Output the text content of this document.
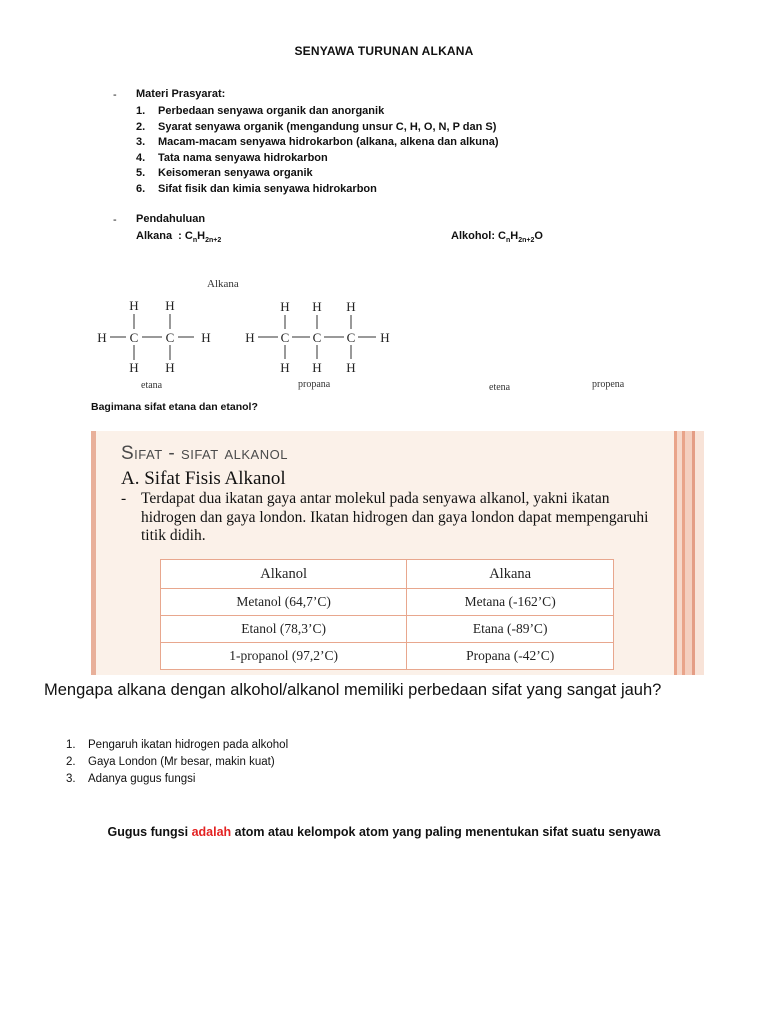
SENYAWA TURUNAN ALKANA
- Materi Prasyarat:
1. Perbedaan senyawa organik dan anorganik
2. Syarat senyawa organik (mengandung unsur C, H, O, N, P dan S)
3. Macam-macam senyawa hidrokarbon (alkana, alkena dan alkuna)
4. Tata nama senyawa hidrokarbon
5. Keisomeran senyawa organik
6. Sifat fisik dan kimia senyawa hidrokarbon
- Pendahuluan
Alkana  : $C_nH_{2n+2}$	Alkohol: $C_nH_{2n+2}O$
Alkana
H C C H
H H
H H
H C C C H
H H H
H H H
etana	propana	etena	propena
Bagimana sifat etana dan etanol?
Sifat - sifat alkanol
A. Sifat Fisis Alkanol
- Terdapat dua ikatan gaya antar molekul pada senyawa alkanol, yakni ikatan hidrogen dan gaya london. Ikatan hidrogen dan gaya london dapat mempengaruhi titik didih.
Alkanol	Alkana
Metanol (64,7’C)	Metana (-162’C)
Etanol (78,3’C)	Etana (-89’C)
1-propanol (97,2’C)	Propana (-42’C)
Mengapa alkana dengan alkohol/alkanol memiliki perbedaan sifat yang sangat jauh?
1. Pengaruh ikatan hidrogen pada alkohol
2. Gaya London (Mr besar, makin kuat)
3. Adanya gugus fungsi
Gugus fungsi adalah atom atau kelompok atom yang paling menentukan sifat suatu senyawa
